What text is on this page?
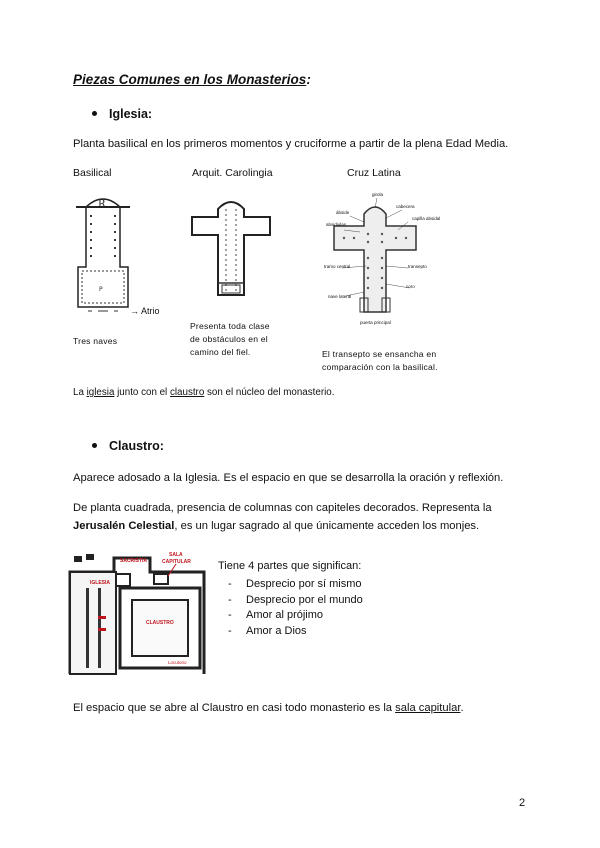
Piezas Comunes en los Monasterios:
Iglesia:
Planta basilical en los primeros momentos y cruciforme a partir de la plena Edad Media.
Basilical	Arquit. Carolingia	Cruz Latina
R
P
→ Atrio
Tres naves
Presenta toda clase
de obstáculos en el
camino del fiel.
girola
ábside
cabecera
absidiolas
capilla absidal
tramo central	transepto
nave lateral
coro
puerta principal
El transepto se ensancha en
comparación con la basilical.
La iglesia junto con el claustro son el núcleo del monasterio.
Claustro:
Aparece adosado a la Iglesia. Es el espacio en que se desarrolla la oración y reflexión.
De planta cuadrada, presencia de columnas con capiteles decorados. Representa la
Jerusalén Celestial, es un lugar sagrado al que únicamente acceden los monjes.
SACRISTÍA
SALA
CAPITULAR
IGLESIA
CLAUSTRO
Locutorio
Tiene 4 partes que significan:
- Desprecio por sí mismo
- Desprecio por el mundo
- Amor al prójimo
- Amor a Dios
El espacio que se abre al Claustro en casi todo monasterio es la sala capitular.
2
